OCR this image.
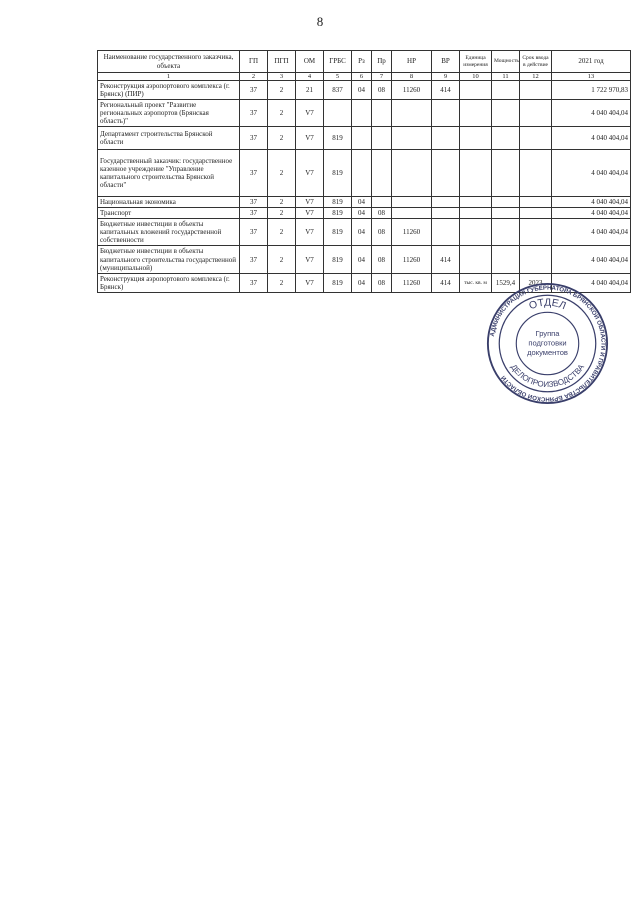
8
Наименование государственного заказчика, объекта	ГП	ПГП	ОМ	ГРБС	Рз	Пр	НР	ВР	Единица измерения	Мощность	Срок ввода в действие	2021 год
1	2	3	4	5	6	7	8	9	10	11	12	13
Реконструкция аэропортового комплекса (г. Брянск) (ПИР)	37	2	21	837	04	08	11260	414				1 722 970,83
Региональный проект "Развитие региональных аэропортов (Брянская область)"	37	2	V7									4 040 404,04
Департамент строительства Брянской области	37	2	V7	819								4 040 404,04
Государственный заказчик: государственное казенное учреждение "Управление капитального строительства Брянской области"	37	2	V7	819								4 040 404,04
Национальная экономика	37	2	V7	819	04							4 040 404,04
Транспорт	37	2	V7	819	04	08						4 040 404,04
Бюджетные инвестиции в объекты капитальных вложений государственной собственности	37	2	V7	819	04	08	11260					4 040 404,04
Бюджетные инвестиции в объекты капитального строительства государственной (муниципальной)	37	2	V7	819	04	08	11260	414				4 040 404,04
Реконструкция аэропортового комплекса (г. Брянск)	37	2	V7	819	04	08	11260	414	тыс. кв. м	1529,4	2023	4 040 404,04
АДМИНИСТРАЦИЯ ГУБЕРНАТОРА БРЯНСКОЙ ОБЛАСТИ И ПРАВИТЕЛЬСТВА БРЯНСКОЙ ОБЛАСТИ
ОТДЕЛ
ДЕЛОПРОИЗВОДСТВА
Группа
подготовки
документов
